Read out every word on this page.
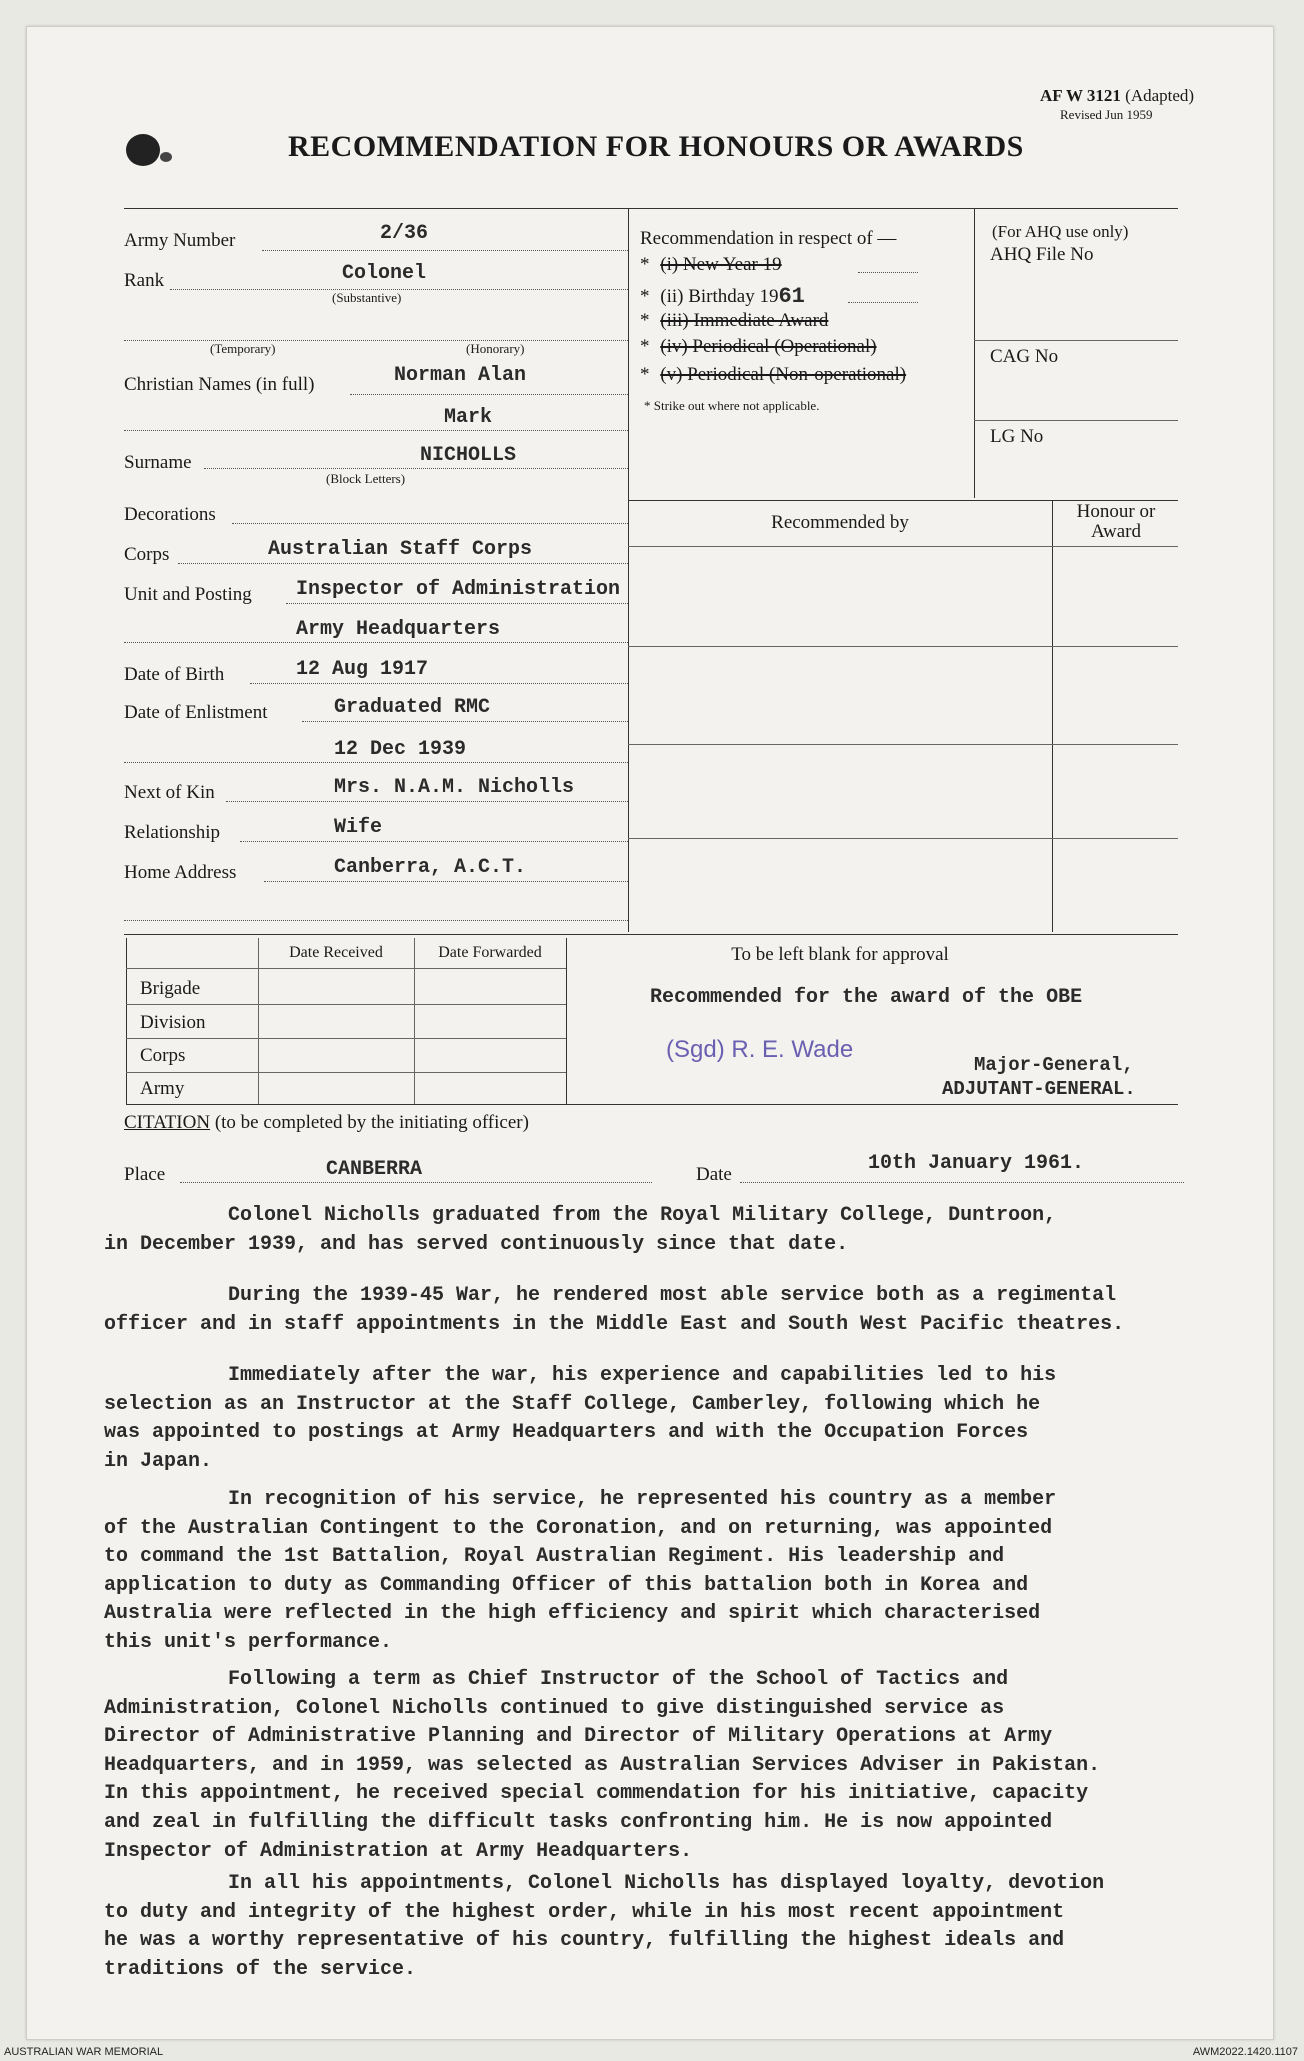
AF W 3121 (Adapted)
Revised Jun 1959
RECOMMENDATION FOR HONOURS OR AWARDS
Army Number	2/36
Rank	Colonel
(Substantive)
(Temporary)	(Honorary)
Christian Names (in full)	Norman Alan
Mark
Surname	NICHOLLS
(Block Letters)
Decorations
Corps	Australian Staff Corps
Unit and Posting Inspector of Administration
Army Headquarters
Date of Birth	12 Aug 1917
Date of Enlistment	Graduated RMC
12 Dec 1939
Next of Kin	Mrs. N.A.M. Nicholls
Relationship	Wife
Home Address	Canberra, A.C.T.
Recommendation in respect of —
* (i) New Year 19
* (ii) Birthday 1961
* (iii) Immediate Award
* (iv) Periodical (Operational)
* (v) Periodical (Non-operational)
* Strike out where not applicable.
(For AHQ use only)
AHQ File No
CAG No
LG No
Recommended by
Honour or Award
Date Received	Date Forwarded
Brigade
Division
Corps
Army
To be left blank for approval
Recommended for the award of the OBE
(Sgd) R. E. Wade
Major-General,
ADJUTANT-GENERAL.
CITATION (to be completed by the initiating officer)
Place	CANBERRA	Date	10th January 1961.
Colonel Nicholls graduated from the Royal Military College, Duntroon,
in December 1939, and has served continuously since that date.
During the 1939-45 War, he rendered most able service both as a regimental
officer and in staff appointments in the Middle East and South West Pacific theatres.
Immediately after the war, his experience and capabilities led to his
selection as an Instructor at the Staff College, Camberley, following which he
was appointed to postings at Army Headquarters and with the Occupation Forces
in Japan.
In recognition of his service, he represented his country as a member
of the Australian Contingent to the Coronation, and on returning, was appointed
to command the 1st Battalion, Royal Australian Regiment. His leadership and
application to duty as Commanding Officer of this battalion both in Korea and
Australia were reflected in the high efficiency and spirit which characterised
this unit's performance.
Following a term as Chief Instructor of the School of Tactics and
Administration, Colonel Nicholls continued to give distinguished service as
Director of Administrative Planning and Director of Military Operations at Army
Headquarters, and in 1959, was selected as Australian Services Adviser in Pakistan.
In this appointment, he received special commendation for his initiative, capacity
and zeal in fulfilling the difficult tasks confronting him. He is now appointed
Inspector of Administration at Army Headquarters.
In all his appointments, Colonel Nicholls has displayed loyalty, devotion
to duty and integrity of the highest order, while in his most recent appointment
he was a worthy representative of his country, fulfilling the highest ideals and
traditions of the service.
AUSTRALIAN WAR MEMORIAL	AWM2022.1420.1107
